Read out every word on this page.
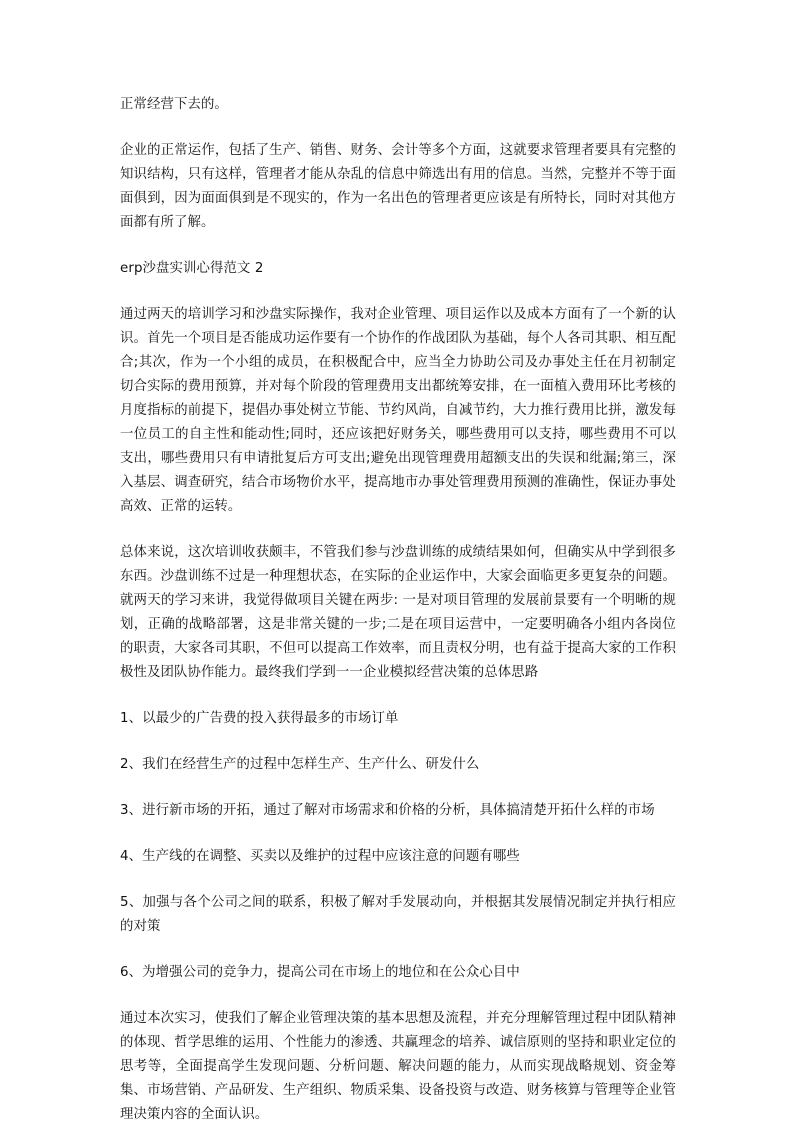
正常经营下去的。

企业的正常运作，包括了生产、销售、财务、会计等多个方面，这就要求管理者要具有完整的知识结构，只有这样，管理者才能从杂乱的信息中筛选出有用的信息。当然，完整并不等于面面俱到，因为面面俱到是不现实的，作为一名出色的管理者更应该是有所特长，同时对其他方面都有所了解。

erp沙盘实训心得范文 2

通过两天的培训学习和沙盘实际操作，我对企业管理、项目运作以及成本方面有了一个新的认识。首先一个项目是否能成功运作要有一个协作的作战团队为基础，每个人各司其职、相互配合;其次，作为一个小组的成员，在积极配合中，应当全力协助公司及办事处主任在月初制定切合实际的费用预算，并对每个阶段的管理费用支出都统筹安排，在一面植入费用环比考核的月度指标的前提下，提倡办事处树立节能、节约风尚，自减节约，大力推行费用比拼，激发每一位员工的自主性和能动性;同时，还应该把好财务关，哪些费用可以支持，哪些费用不可以支出，哪些费用只有申请批复后方可支出;避免出现管理费用超额支出的失误和纰漏;第三，深入基层、调查研究，结合市场物价水平，提高地市办事处管理费用预测的准确性，保证办事处高效、正常的运转。

总体来说，这次培训收获颇丰，不管我们参与沙盘训练的成绩结果如何，但确实从中学到很多东西。沙盘训练不过是一种理想状态，在实际的企业运作中，大家会面临更多更复杂的问题。就两天的学习来讲，我觉得做项目关键在两步: 一是对项目管理的发展前景要有一个明晰的规划，正确的战略部署，这是非常关键的一步;二是在项目运营中，一定要明确各小组内各岗位的职责，大家各司其职，不但可以提高工作效率，而且责权分明，也有益于提高大家的工作积极性及团队协作能力。最终我们学到一一企业模拟经营决策的总体思路

1、以最少的广告费的投入获得最多的市场订单

2、我们在经营生产的过程中怎样生产、生产什么、研发什么

3、进行新市场的开拓，通过了解对市场需求和价格的分析，具体搞清楚开拓什么样的市场

4、生产线的在调整、买卖以及维护的过程中应该注意的问题有哪些

5、加强与各个公司之间的联系，积极了解对手发展动向，并根据其发展情况制定并执行相应的对策

6、为增强公司的竞争力，提高公司在市场上的地位和在公众心目中

通过本次实习，使我们了解企业管理决策的基本思想及流程，并充分理解管理过程中团队精神的体现、哲学思维的运用、个性能力的渗透、共赢理念的培养、诚信原则的坚持和职业定位的思考等，全面提高学生发现问题、分析问题、解决问题的能力，从而实现战略规划、资金筹集、市场营销、产品研发、生产组织、物质采集、设备投资与改造、财务核算与管理等企业管理决策内容的全面认识。
